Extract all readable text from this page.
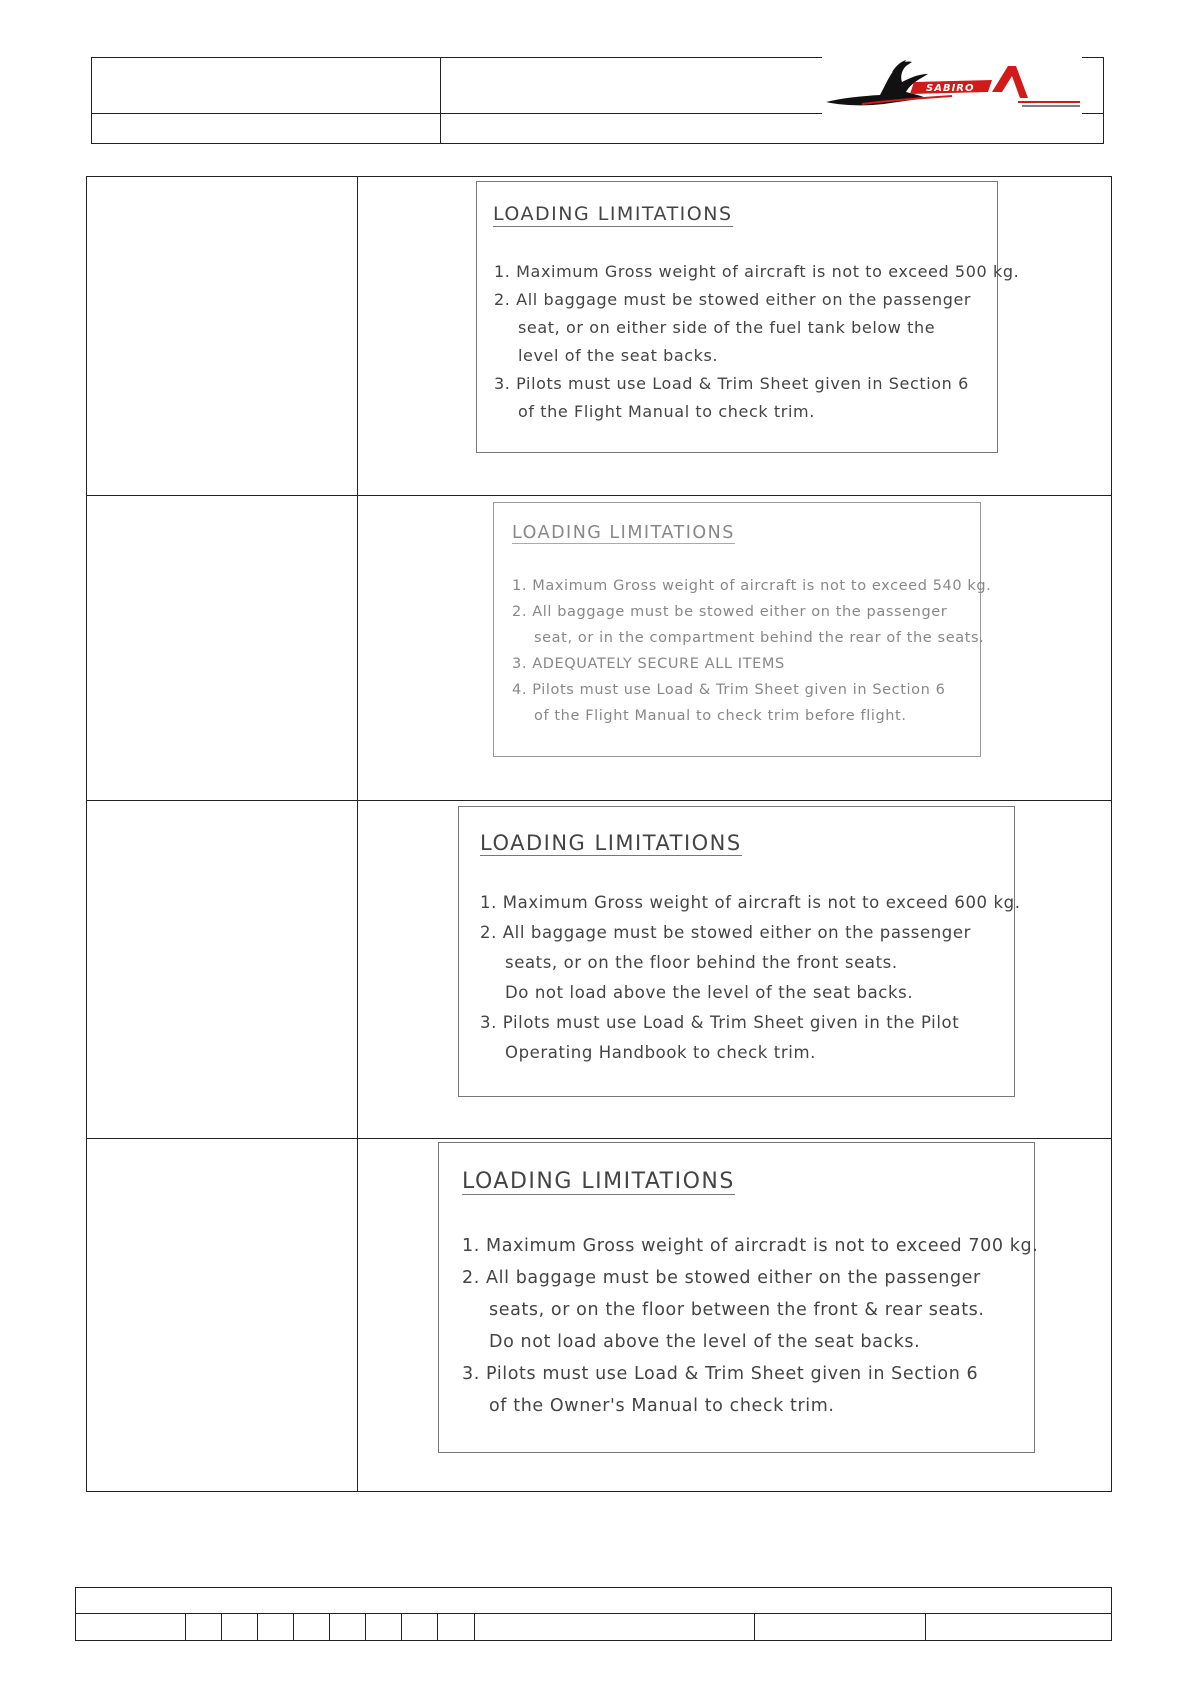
SABIRO
LOADING LIMITATIONS
1. Maximum Gross weight of aircraft is not to exceed 500 kg.
2. All baggage must be stowed either on the passenger
seat, or on either side of the fuel tank below the
level of the seat backs.
3. Pilots must use Load & Trim Sheet given in Section 6
of the Flight Manual to check trim.
LOADING LIMITATIONS
1. Maximum Gross weight of aircraft is not to exceed 540 kg.
2. All baggage must be stowed either on the passenger
seat, or in the compartment behind the rear of the seats.
3. ADEQUATELY SECURE ALL ITEMS
4. Pilots must use Load & Trim Sheet given in Section 6
of the Flight Manual to check trim before flight.
LOADING LIMITATIONS
1. Maximum Gross weight of aircraft is not to exceed 600 kg.
2. All baggage must be stowed either on the passenger
seats, or on the floor behind the front seats.
Do not load above the level of the seat backs.
3. Pilots must use Load & Trim Sheet given in the Pilot
Operating Handbook to check trim.
LOADING LIMITATIONS
1. Maximum Gross weight of aircradt is not to exceed 700 kg.
2. All baggage must be stowed either on the passenger
seats, or on the floor between the front & rear seats.
Do not load above the level of the seat backs.
3. Pilots must use Load & Trim Sheet given in Section 6
of the Owner's Manual to check trim.
